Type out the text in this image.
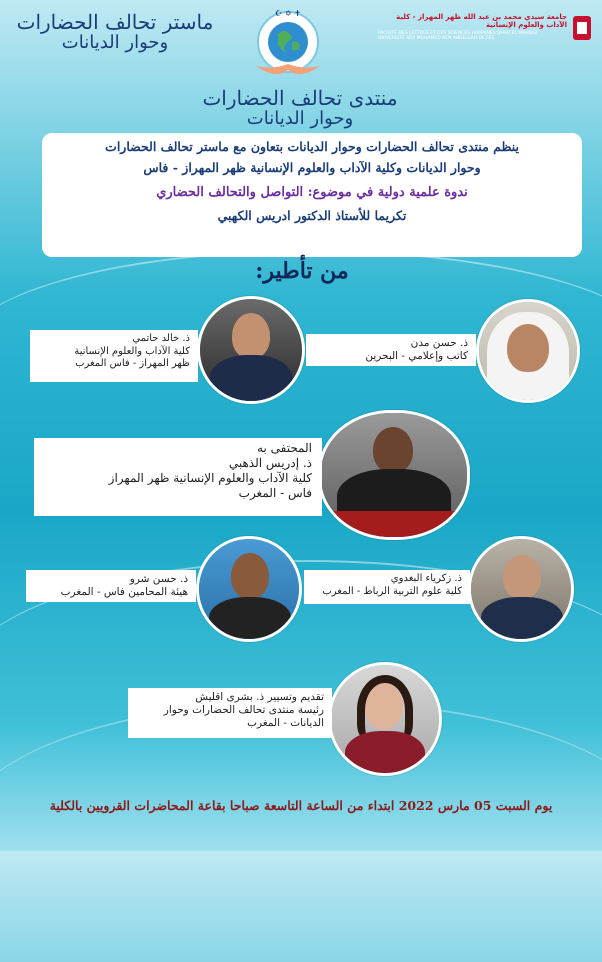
ماستر تحالف الحضارات
وحوار الديانات
☪ ✡ ✝	جامعة سيدي محمد بن عبد الله ظهر المهراز - كلية الآداب والعلوم الإنسانية
FACULTÉ DES LETTRES ET DES SCIENCES HUMAINES DHAR EL MAHRAZ
UNIVERSITÉ SIDI MOHAMED BEN ABDELLAH DE FÈS
منتدى تحالف الحضارات
وحوار الديانات
ينظم منتدى تحالف الحضارات وحوار الديانات بتعاون مع ماستر تحالف الحضارات
وحوار الديانات وكلية الآداب والعلوم الإنسانية ظهر المهراز - فاس
ندوة علمية دولية في موضوع: التواصل والتحالف الحضاري
تكريما للأستاذ الدكتور ادريس الكهبي
من تأطير:
ذ. خالد حاتمي
كلية الآداب والعلوم الإنسانية
ظهر المهراز - فاس المغرب
ذ. حسن مدن
كاتب وإعلامي - البحرين
المحتفى به
ذ. إدريس الذهبي
كلية الآداب والعلوم الإنسانية ظهر المهراز
فاس - المغرب
ذ. حسن شرو
هيئة المحامين فاس - المغرب
ذ. زكرياء البغدوي
كلية علوم التربية الرباط - المغرب
تقديم وتسيير ذ. بشرى اقليش
رئيسة منتدى تحالف الحضارات وحوار
الديانات - المغرب
يوم السبت 05 مارس 2022 ابتداء من الساعة التاسعة صباحا بقاعة المحاضرات القرويين بالكلية
